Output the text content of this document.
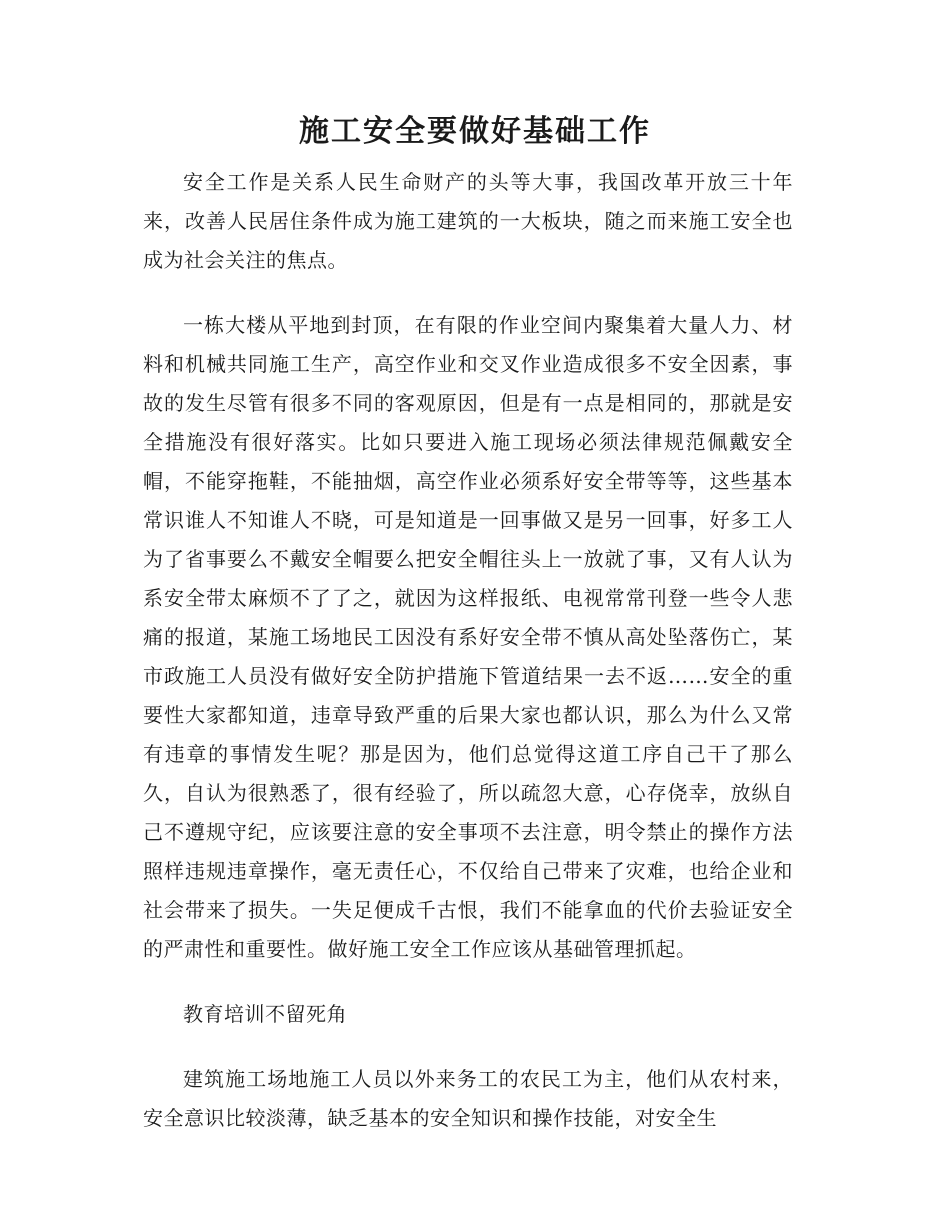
施工安全要做好基础工作

安全工作是关系人民生命财产的头等大事，我国改革开放三十年来，改善人民居住条件成为施工建筑的一大板块，随之而来施工安全也成为社会关注的焦点。

一栋大楼从平地到封顶，在有限的作业空间内聚集着大量人力、材料和机械共同施工生产，高空作业和交叉作业造成很多不安全因素，事故的发生尽管有很多不同的客观原因，但是有一点是相同的，那就是安全措施没有很好落实。比如只要进入施工现场必须法律规范佩戴安全帽，不能穿拖鞋，不能抽烟，高空作业必须系好安全带等等，这些基本常识谁人不知谁人不晓，可是知道是一回事做又是另一回事，好多工人为了省事要么不戴安全帽要么把安全帽往头上一放就了事，又有人认为系安全带太麻烦不了了之，就因为这样报纸、电视常常刊登一些令人悲痛的报道，某施工场地民工因没有系好安全带不慎从高处坠落伤亡，某市政施工人员没有做好安全防护措施下管道结果一去不返……安全的重要性大家都知道，违章导致严重的后果大家也都认识，那么为什么又常有违章的事情发生呢？那是因为，他们总觉得这道工序自己干了那么久，自认为很熟悉了，很有经验了，所以疏忽大意，心存侥幸，放纵自己不遵规守纪，应该要注意的安全事项不去注意，明令禁止的操作方法照样违规违章操作，毫无责任心，不仅给自己带来了灾难，也给企业和社会带来了损失。一失足便成千古恨，我们不能拿血的代价去验证安全的严肃性和重要性。做好施工安全工作应该从基础管理抓起。

教育培训不留死角

建筑施工场地施工人员以外来务工的农民工为主，他们从农村来，安全意识比较淡薄，缺乏基本的安全知识和操作技能，对安全生
